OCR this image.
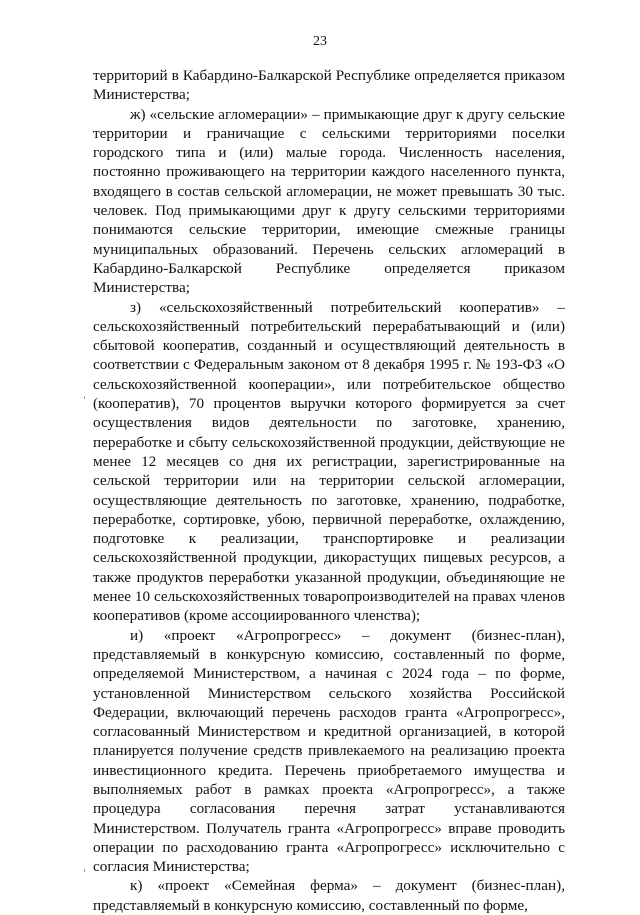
23

территорий в Кабардино-Балкарской Республике определяется приказом Министерства;

ж) «сельские агломерации» – примыкающие друг к другу сельские территории и граничащие с сельскими территориями поселки городского типа и (или) малые города. Численность населения, постоянно проживающего на территории каждого населенного пункта, входящего в состав сельской агломерации, не может превышать 30 тыс. человек. Под примыкающими друг к другу сельскими территориями понимаются сельские территории, имеющие смежные границы муниципальных образований. Перечень сельских агломераций в Кабардино-Балкарской Республике определяется приказом Министерства;

з) «сельскохозяйственный потребительский кооператив» – сельскохозяйственный потребительский перерабатывающий и (или) сбытовой кооператив, созданный и осуществляющий деятельность в соответствии с Федеральным законом от 8 декабря 1995 г. № 193-ФЗ «О сельскохозяйственной кооперации», или потребительское общество (кооператив), 70 процентов выручки которого формируется за счет осуществления видов деятельности по заготовке, хранению, переработке и сбыту сельскохозяйственной продукции, действующие не менее 12 месяцев со дня их регистрации, зарегистрированные на сельской территории или на территории сельской агломерации, осуществляющие деятельность по заготовке, хранению, подработке, переработке, сортировке, убою, первичной переработке, охлаждению, подготовке к реализации, транспортировке и реализации сельскохозяйственной продукции, дикорастущих пищевых ресурсов, а также продуктов переработки указанной продукции, объединяющие не менее 10 сельскохозяйственных товаропроизводителей на правах членов кооперативов (кроме ассоциированного членства);

и) «проект «Агропрогресс» – документ (бизнес-план), представляемый в конкурсную комиссию, составленный по форме, определяемой Министерством, а начиная с 2024 года – по форме, установленной Министерством сельского хозяйства Российской Федерации, включающий перечень расходов гранта «Агропрогресс», согласованный Министерством и кредитной организацией, в которой планируется получение средств привлекаемого на реализацию проекта инвестиционного кредита. Перечень приобретаемого имущества и выполняемых работ в рамках проекта «Агропрогресс», а также процедура согласования перечня затрат устанавливаются Министерством. Получатель гранта «Агропрогресс» вправе проводить операции по расходованию гранта «Агропрогресс» исключительно с согласия Министерства;

к) «проект «Семейная ферма» – документ (бизнес-план), представляемый в конкурсную комиссию, составленный по форме,
